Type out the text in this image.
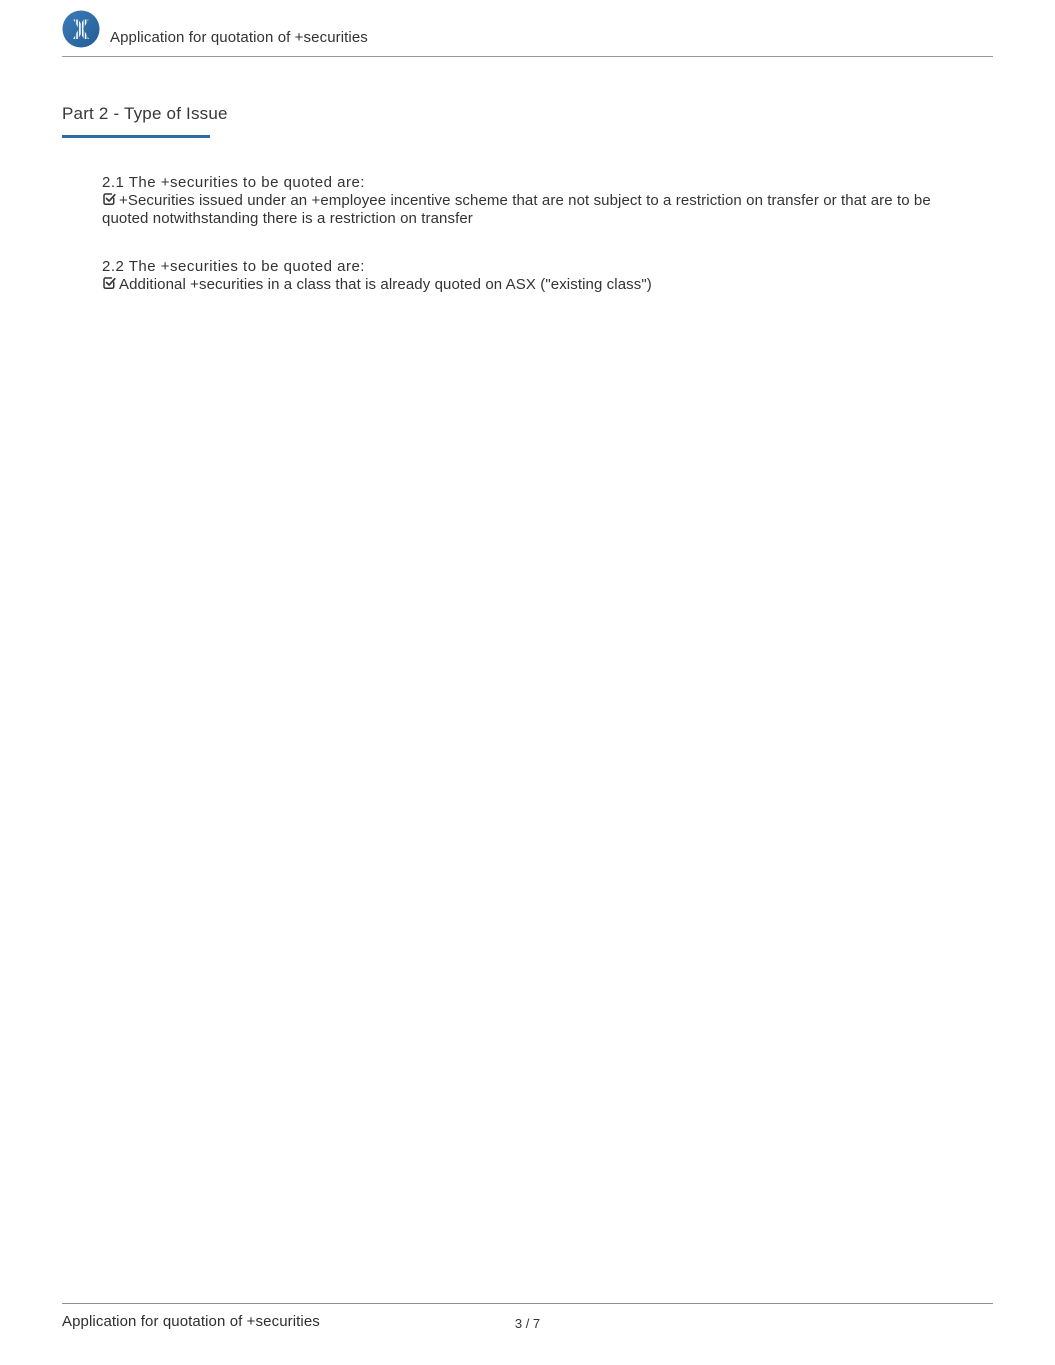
Application for quotation of +securities
Part 2 - Type of Issue
2.1 The +securities to be quoted are:
+Securities issued under an +employee incentive scheme that are not subject to a restriction on transfer or that are to be quoted notwithstanding there is a restriction on transfer
2.2 The +securities to be quoted are:
Additional +securities in a class that is already quoted on ASX ("existing class")
Application for quotation of +securities	3 / 7
